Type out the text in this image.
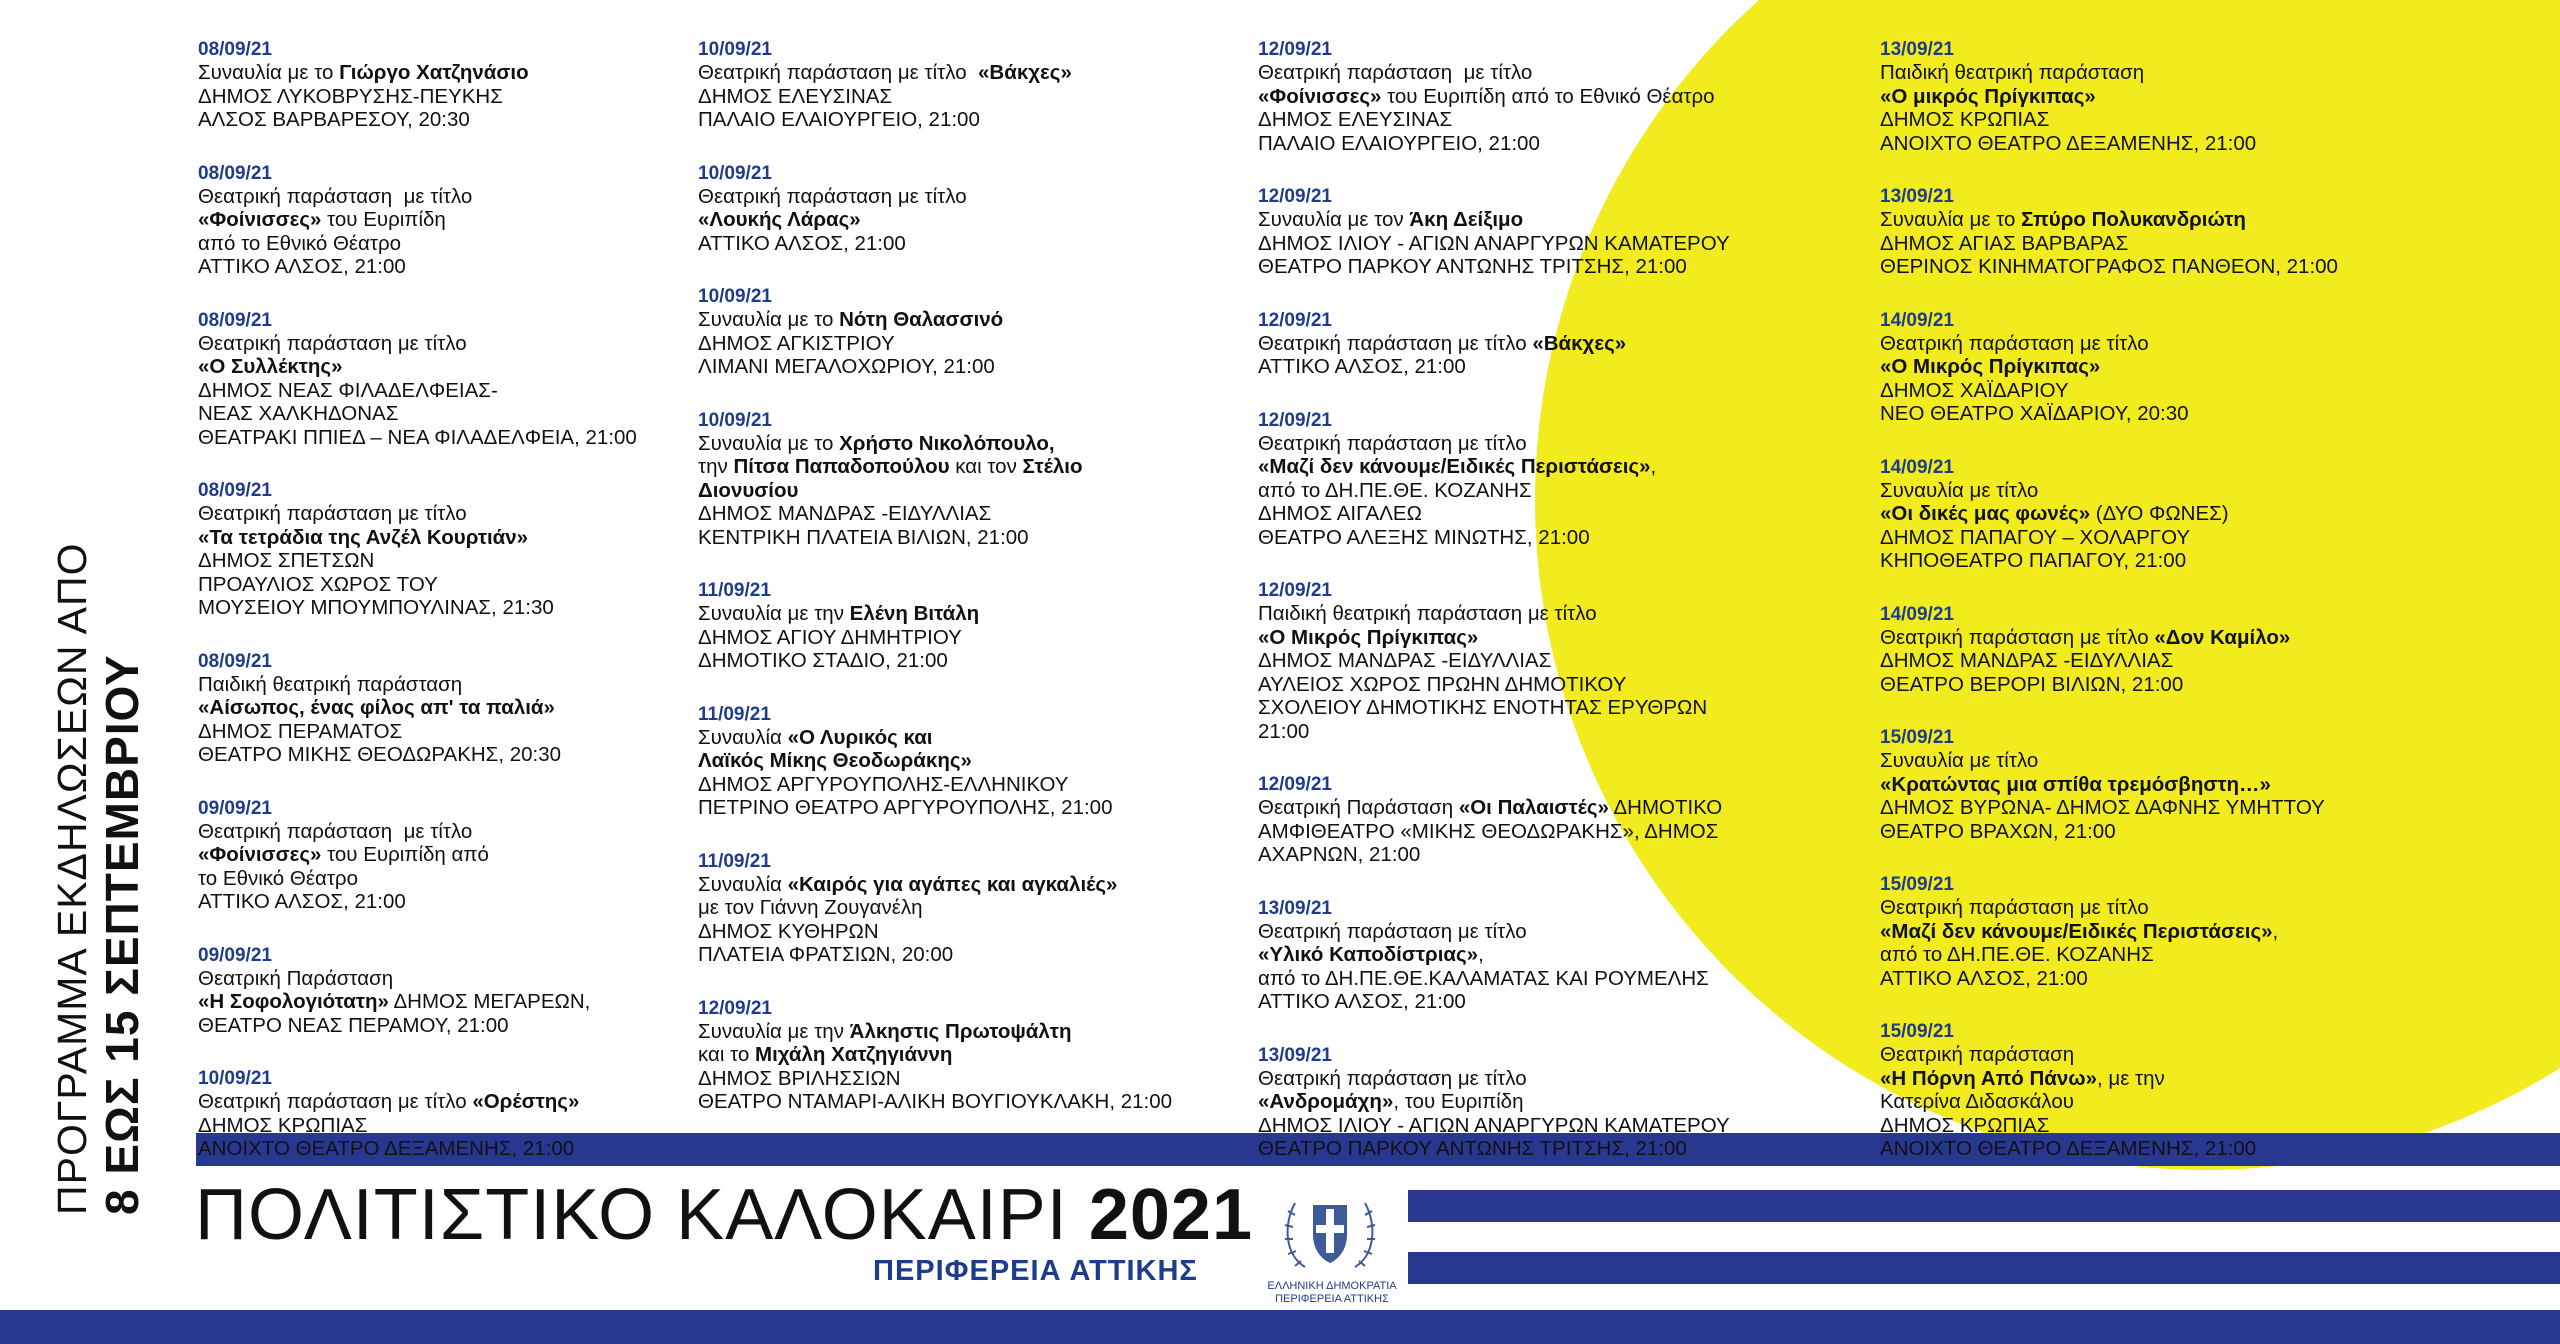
ΠΡΟΓΡΑΜΜΑ ΕΚΔΗΛΩΣΕΩΝ ΑΠΟ 8 ΕΩΣ 15 ΣΕΠΤΕΜΒΡΙΟΥ
08/09/21
Συναυλία με το Γιώργο Χατζηνάσιο
ΔΗΜΟΣ ΛΥΚΟΒΡΥΣΗΣ-ΠΕΥΚΗΣ
ΑΛΣΟΣ ΒΑΡΒΑΡΕΣΟΥ, 20:30
08/09/21
Θεατρική παράσταση  με τίτλο
«Φοίνισσες» του Ευριπίδη
από το Εθνικό Θέατρο
ΑΤΤΙΚΟ ΑΛΣΟΣ, 21:00
08/09/21
Θεατρική παράσταση με τίτλο
«Ο Συλλέκτης»
ΔΗΜΟΣ ΝΕΑΣ ΦΙΛΑΔΕΛΦΕΙΑΣ-
ΝΕΑΣ ΧΑΛΚΗΔΟΝΑΣ
ΘΕΑΤΡΑΚΙ ΠΠΙΕΔ – ΝΕΑ ΦΙΛΑΔΕΛΦΕΙΑ, 21:00
08/09/21
Θεατρική παράσταση με τίτλο
«Τα τετράδια της Ανζέλ Κουρτιάν»
ΔΗΜΟΣ ΣΠΕΤΣΩΝ
ΠΡΟΑΥΛΙΟΣ ΧΩΡΟΣ ΤΟΥ
ΜΟΥΣΕΙΟΥ ΜΠΟΥΜΠΟΥΛΙΝΑΣ, 21:30
08/09/21
Παιδική θεατρική παράσταση
«Αίσωπος, ένας φίλος απ' τα παλιά»
ΔΗΜΟΣ ΠΕΡΑΜΑΤΟΣ
ΘΕΑΤΡΟ ΜΙΚΗΣ ΘΕΟΔΩΡΑΚΗΣ, 20:30
09/09/21
Θεατρική παράσταση  με τίτλο
«Φοίνισσες» του Ευριπίδη από
το Εθνικό Θέατρο
ΑΤΤΙΚΟ ΑΛΣΟΣ, 21:00
09/09/21
Θεατρική Παράσταση
«Η Σοφολογιότατη» ΔΗΜΟΣ ΜΕΓΑΡΕΩΝ,
ΘΕΑΤΡΟ ΝΕΑΣ ΠΕΡΑΜΟΥ, 21:00
10/09/21
Θεατρική παράσταση με τίτλο «Ορέστης»
ΔΗΜΟΣ ΚΡΩΠΙΑΣ
ΑΝΟΙΧΤΟ ΘΕΑΤΡΟ ΔΕΞΑΜΕΝΗΣ, 21:00
10/09/21
Θεατρική παράσταση με τίτλο  «Βάκχες»
ΔΗΜΟΣ ΕΛΕΥΣΙΝΑΣ
ΠΑΛΑΙΟ ΕΛΑΙΟΥΡΓΕΙΟ, 21:00
10/09/21
Θεατρική παράσταση με τίτλο
«Λουκής Λάρας»
ΑΤΤΙΚΟ ΑΛΣΟΣ, 21:00
10/09/21
Συναυλία με το Νότη Θαλασσινό
ΔΗΜΟΣ ΑΓΚΙΣΤΡΙΟΥ
ΛΙΜΑΝΙ ΜΕΓΑΛΟΧΩΡΙΟΥ, 21:00
10/09/21
Συναυλία με το Χρήστο Νικολόπουλο,
την Πίτσα Παπαδοπούλου και τον Στέλιο
Διονυσίου
ΔΗΜΟΣ ΜΑΝΔΡΑΣ -ΕΙΔΥΛΛΙΑΣ
ΚΕΝΤΡΙΚΗ ΠΛΑΤΕΙΑ ΒΙΛΙΩΝ, 21:00
11/09/21
Συναυλία με την Ελένη Βιτάλη
ΔΗΜΟΣ ΑΓΙΟΥ ΔΗΜΗΤΡΙΟΥ
ΔΗΜΟΤΙΚΟ ΣΤΑΔΙΟ, 21:00
11/09/21
Συναυλία «Ο Λυρικός και
Λαϊκός Μίκης Θεοδωράκης»
ΔΗΜΟΣ ΑΡΓΥΡΟΥΠΟΛΗΣ-ΕΛΛΗΝΙΚΟΥ
ΠΕΤΡΙΝΟ ΘΕΑΤΡΟ ΑΡΓΥΡΟΥΠΟΛΗΣ, 21:00
11/09/21
Συναυλία «Καιρός για αγάπες και αγκαλιές»
με τον Γιάννη Ζουγανέλη
ΔΗΜΟΣ ΚΥΘΗΡΩΝ
ΠΛΑΤΕΙΑ ΦΡΑΤΣΙΩΝ, 20:00
12/09/21
Συναυλία με την Άλκηστις Πρωτοψάλτη
και το Μιχάλη Χατζηγιάννη
ΔΗΜΟΣ ΒΡΙΛΗΣΣΙΩΝ
ΘΕΑΤΡΟ ΝΤΑΜΑΡΙ-ΑΛΙΚΗ ΒΟΥΓΙΟΥΚΛΑΚΗ, 21:00
12/09/21
Θεατρική παράσταση  με τίτλο
«Φοίνισσες» του Ευριπίδη από το Εθνικό Θέατρο
ΔΗΜΟΣ ΕΛΕΥΣΙΝΑΣ
ΠΑΛΑΙΟ ΕΛΑΙΟΥΡΓΕΙΟ, 21:00
12/09/21
Συναυλία με τον Άκη Δείξιμο
ΔΗΜΟΣ ΙΛΙΟΥ - ΑΓΙΩΝ ΑΝΑΡΓΥΡΩΝ ΚΑΜΑΤΕΡΟΥ
ΘΕΑΤΡΟ ΠΑΡΚΟΥ ΑΝΤΩΝΗΣ ΤΡΙΤΣΗΣ, 21:00
12/09/21
Θεατρική παράσταση με τίτλο «Βάκχες»
ΑΤΤΙΚΟ ΑΛΣΟΣ, 21:00
12/09/21
Θεατρική παράσταση με τίτλο
«Μαζί δεν κάνουμε/Ειδικές Περιστάσεις»,
από το ΔΗ.ΠΕ.ΘΕ. ΚΟΖΑΝΗΣ
ΔΗΜΟΣ ΑΙΓΑΛΕΩ
ΘΕΑΤΡΟ ΑΛΕΞΗΣ ΜΙΝΩΤΗΣ, 21:00
12/09/21
Παιδική θεατρική παράσταση με τίτλο
«Ο Μικρός Πρίγκιπας»
ΔΗΜΟΣ ΜΑΝΔΡΑΣ -ΕΙΔΥΛΛΙΑΣ
ΑΥΛΕΙΟΣ ΧΩΡΟΣ ΠΡΩΗΝ ΔΗΜΟΤΙΚΟΥ
ΣΧΟΛΕΙΟΥ ΔΗΜΟΤΙΚΗΣ ΕΝΟΤΗΤΑΣ ΕΡΥΘΡΩΝ
21:00
12/09/21
Θεατρική Παράσταση «Οι Παλαιστές» ΔΗΜΟΤΙΚΟ
ΑΜΦΙΘΕΑΤΡΟ «ΜΙΚΗΣ ΘΕΟΔΩΡΑΚΗΣ», ΔΗΜΟΣ
ΑΧΑΡΝΩΝ, 21:00
13/09/21
Θεατρική παράσταση με τίτλο
«Υλικό Καποδίστριας»,
από το ΔΗ.ΠΕ.ΘΕ.ΚΑΛΑΜΑΤΑΣ ΚΑΙ ΡΟΥΜΕΛΗΣ
ΑΤΤΙΚΟ ΑΛΣΟΣ, 21:00
13/09/21
Θεατρική παράσταση με τίτλο
«Ανδρομάχη», του Ευριπίδη
ΔΗΜΟΣ ΙΛΙΟΥ - ΑΓΙΩΝ ΑΝΑΡΓΥΡΩΝ ΚΑΜΑΤΕΡΟΥ
ΘΕΑΤΡΟ ΠΑΡΚΟΥ ΑΝΤΩΝΗΣ ΤΡΙΤΣΗΣ, 21:00
13/09/21
Παιδική θεατρική παράσταση
«Ο μικρός Πρίγκιπας»
ΔΗΜΟΣ ΚΡΩΠΙΑΣ
ΑΝΟΙΧΤΟ ΘΕΑΤΡΟ ΔΕΞΑΜΕΝΗΣ, 21:00
13/09/21
Συναυλία με το Σπύρο Πολυκανδριώτη
ΔΗΜΟΣ ΑΓΙΑΣ ΒΑΡΒΑΡΑΣ
ΘΕΡΙΝΟΣ ΚΙΝΗΜΑΤΟΓΡΑΦΟΣ ΠΑΝΘΕΟΝ, 21:00
14/09/21
Θεατρική παράσταση με τίτλο
«Ο Μικρός Πρίγκιπας»
ΔΗΜΟΣ ΧΑΪΔΑΡΙΟΥ
ΝΕΟ ΘΕΑΤΡΟ ΧΑΪΔΑΡΙΟΥ, 20:30
14/09/21
Συναυλία με τίτλο
«Οι δικές μας φωνές» (ΔΥΟ ΦΩΝΕΣ)
ΔΗΜΟΣ ΠΑΠΑΓΟΥ – ΧΟΛΑΡΓΟΥ
ΚΗΠΟΘΕΑΤΡΟ ΠΑΠΑΓΟΥ, 21:00
14/09/21
Θεατρική παράσταση με τίτλο «Δον Καμίλο»
ΔΗΜΟΣ ΜΑΝΔΡΑΣ -ΕΙΔΥΛΛΙΑΣ
ΘΕΑΤΡΟ ΒΕΡΟΡΙ ΒΙΛΙΩΝ, 21:00
15/09/21
Συναυλία με τίτλο
«Κρατώντας μια σπίθα τρεμόσβηστη…»
ΔΗΜΟΣ ΒΥΡΩΝΑ- ΔΗΜΟΣ ΔΑΦΝΗΣ ΥΜΗΤΤΟΥ
ΘΕΑΤΡΟ ΒΡΑΧΩΝ, 21:00
15/09/21
Θεατρική παράσταση με τίτλο
«Μαζί δεν κάνουμε/Ειδικές Περιστάσεις»,
από το ΔΗ.ΠΕ.ΘΕ. ΚΟΖΑΝΗΣ
ΑΤΤΙΚΟ ΑΛΣΟΣ, 21:00
15/09/21
Θεατρική παράσταση
«Η Πόρνη Από Πάνω», με την
Κατερίνα Διδασκάλου
ΔΗΜΟΣ ΚΡΩΠΙΑΣ
ΑΝΟΙΧΤΟ ΘΕΑΤΡΟ ΔΕΞΑΜΕΝΗΣ, 21:00
ΠΟΛΙΤΙΣΤΙΚΟ ΚΑΛΟΚΑΙΡΙ 2021
ΠΕΡΙΦΕΡΕΙΑ ΑΤΤΙΚΗΣ	ΕΛΛΗΝΙΚΗ ΔΗΜΟΚΡΑΤΙΑ
ΠΕΡΙΦΕΡΕΙΑ ΑΤΤΙΚΗΣ
